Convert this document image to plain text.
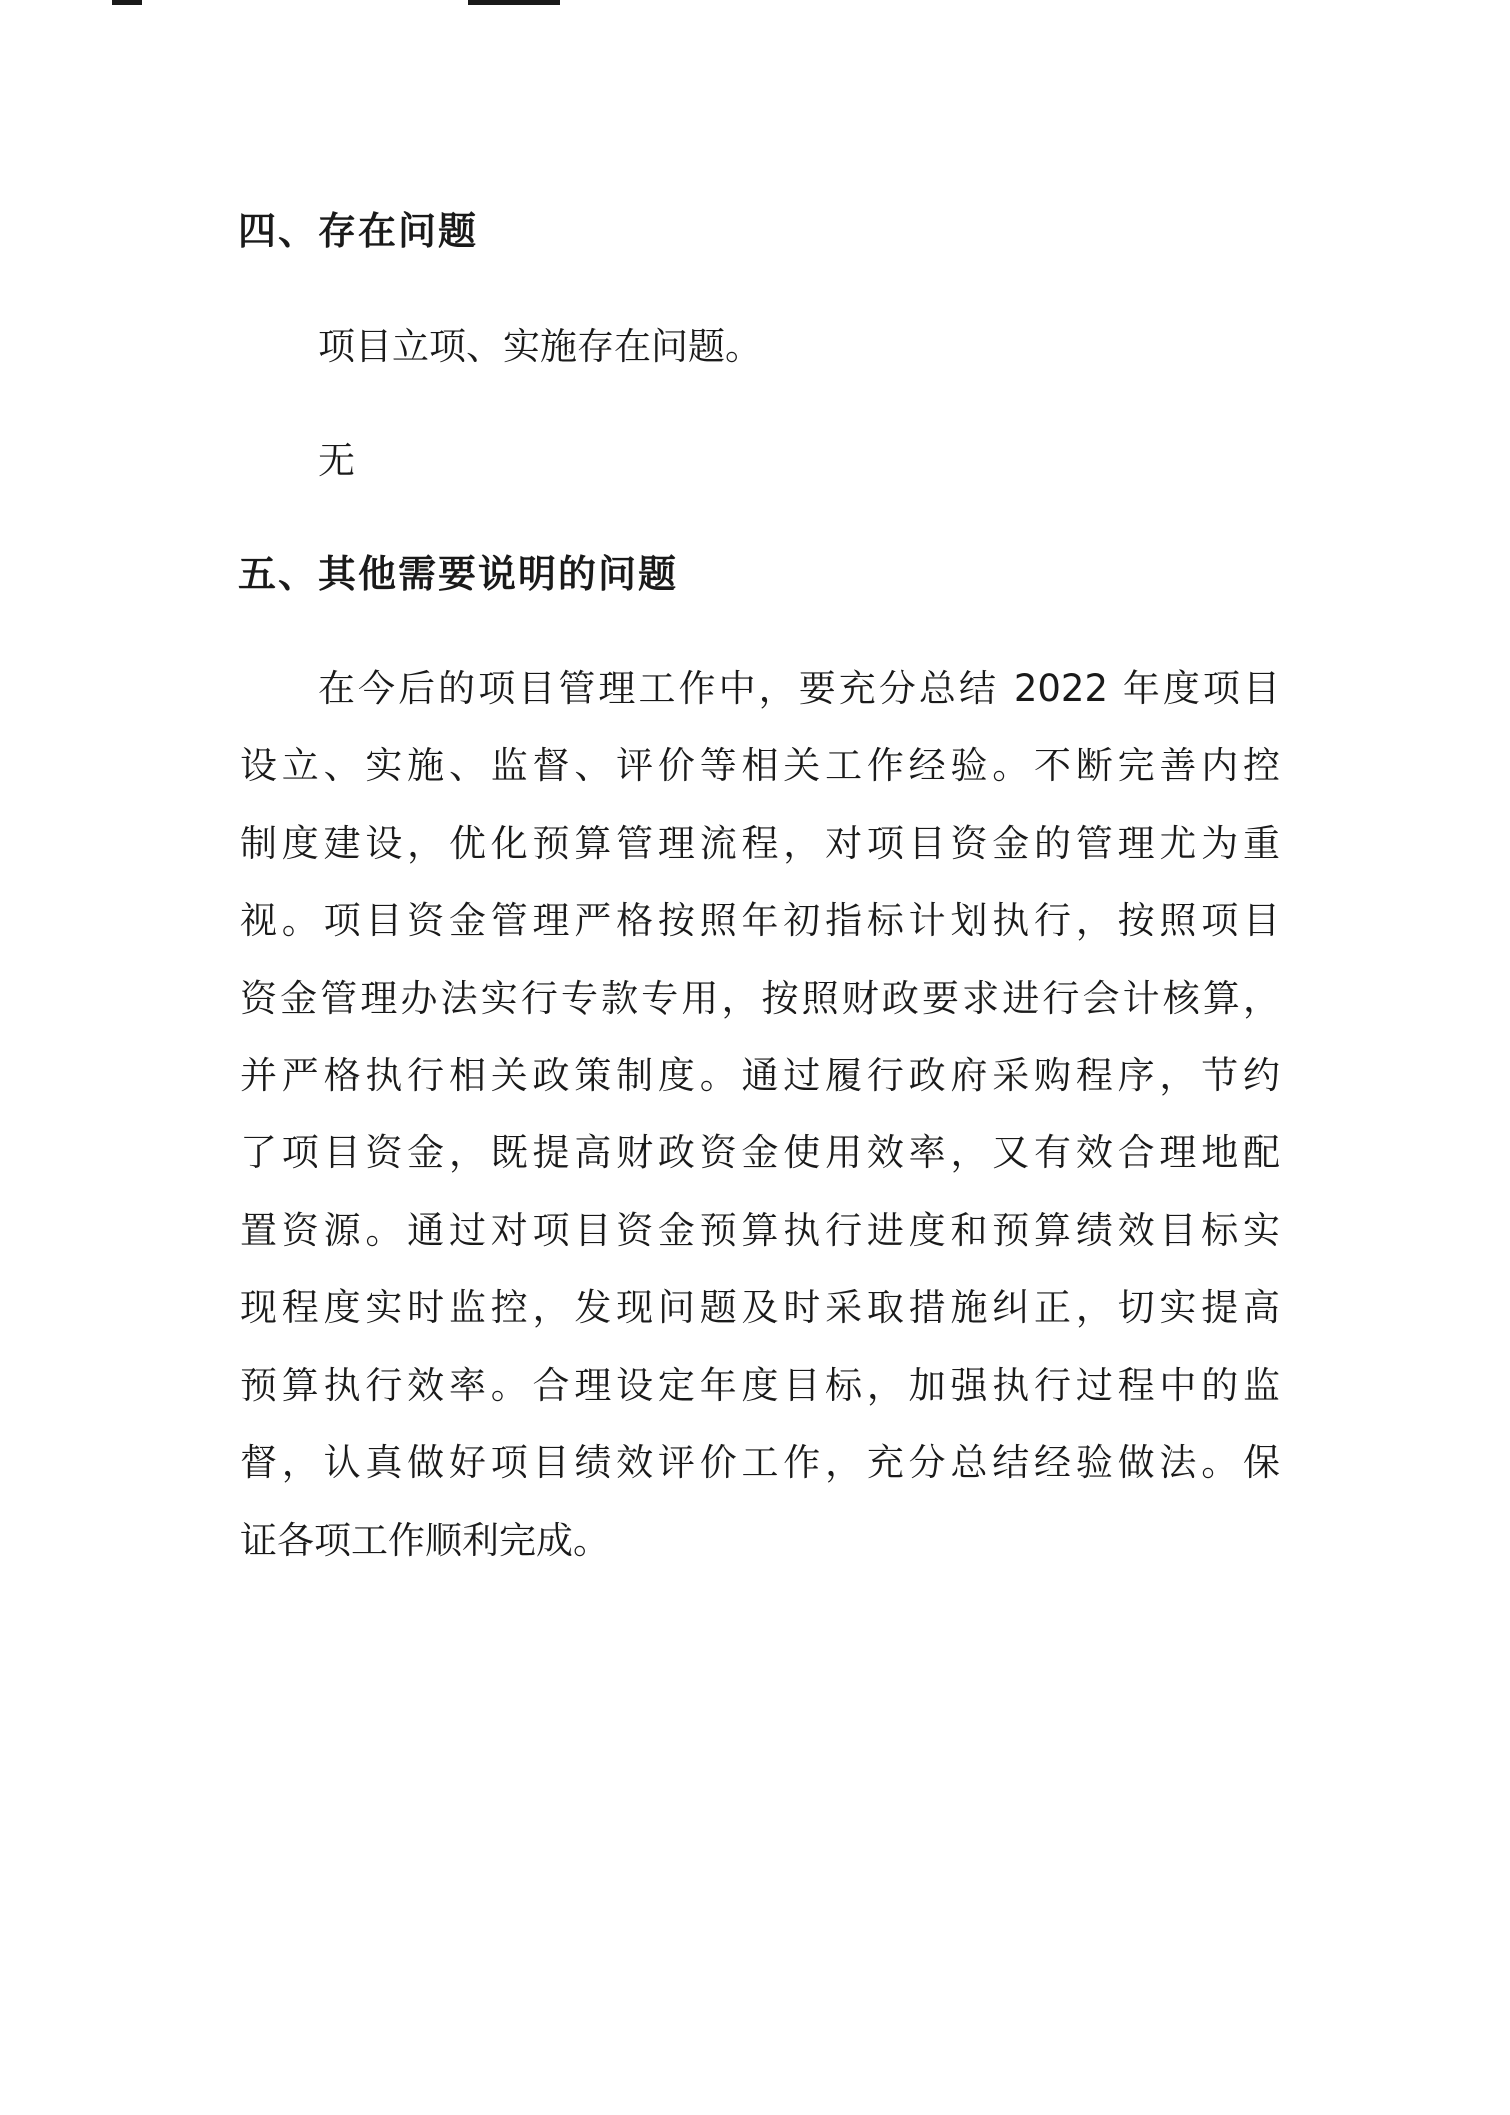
四、存在问题

项目立项、实施存在问题。

无

五、其他需要说明的问题

在今后的项目管理工作中，要充分总结 2022 年度项目

设立、实施、监督、评价等相关工作经验。不断完善内控

制度建设，优化预算管理流程，对项目资金的管理尤为重

视。项目资金管理严格按照年初指标计划执行，按照项目

资金管理办法实行专款专用，按照财政要求进行会计核算，

并严格执行相关政策制度。通过履行政府采购程序，节约

了项目资金，既提高财政资金使用效率，又有效合理地配

置资源。通过对项目资金预算执行进度和预算绩效目标实

现程度实时监控，发现问题及时采取措施纠正，切实提高

预算执行效率。合理设定年度目标，加强执行过程中的监

督，认真做好项目绩效评价工作，充分总结经验做法。保

证各项工作顺利完成。
